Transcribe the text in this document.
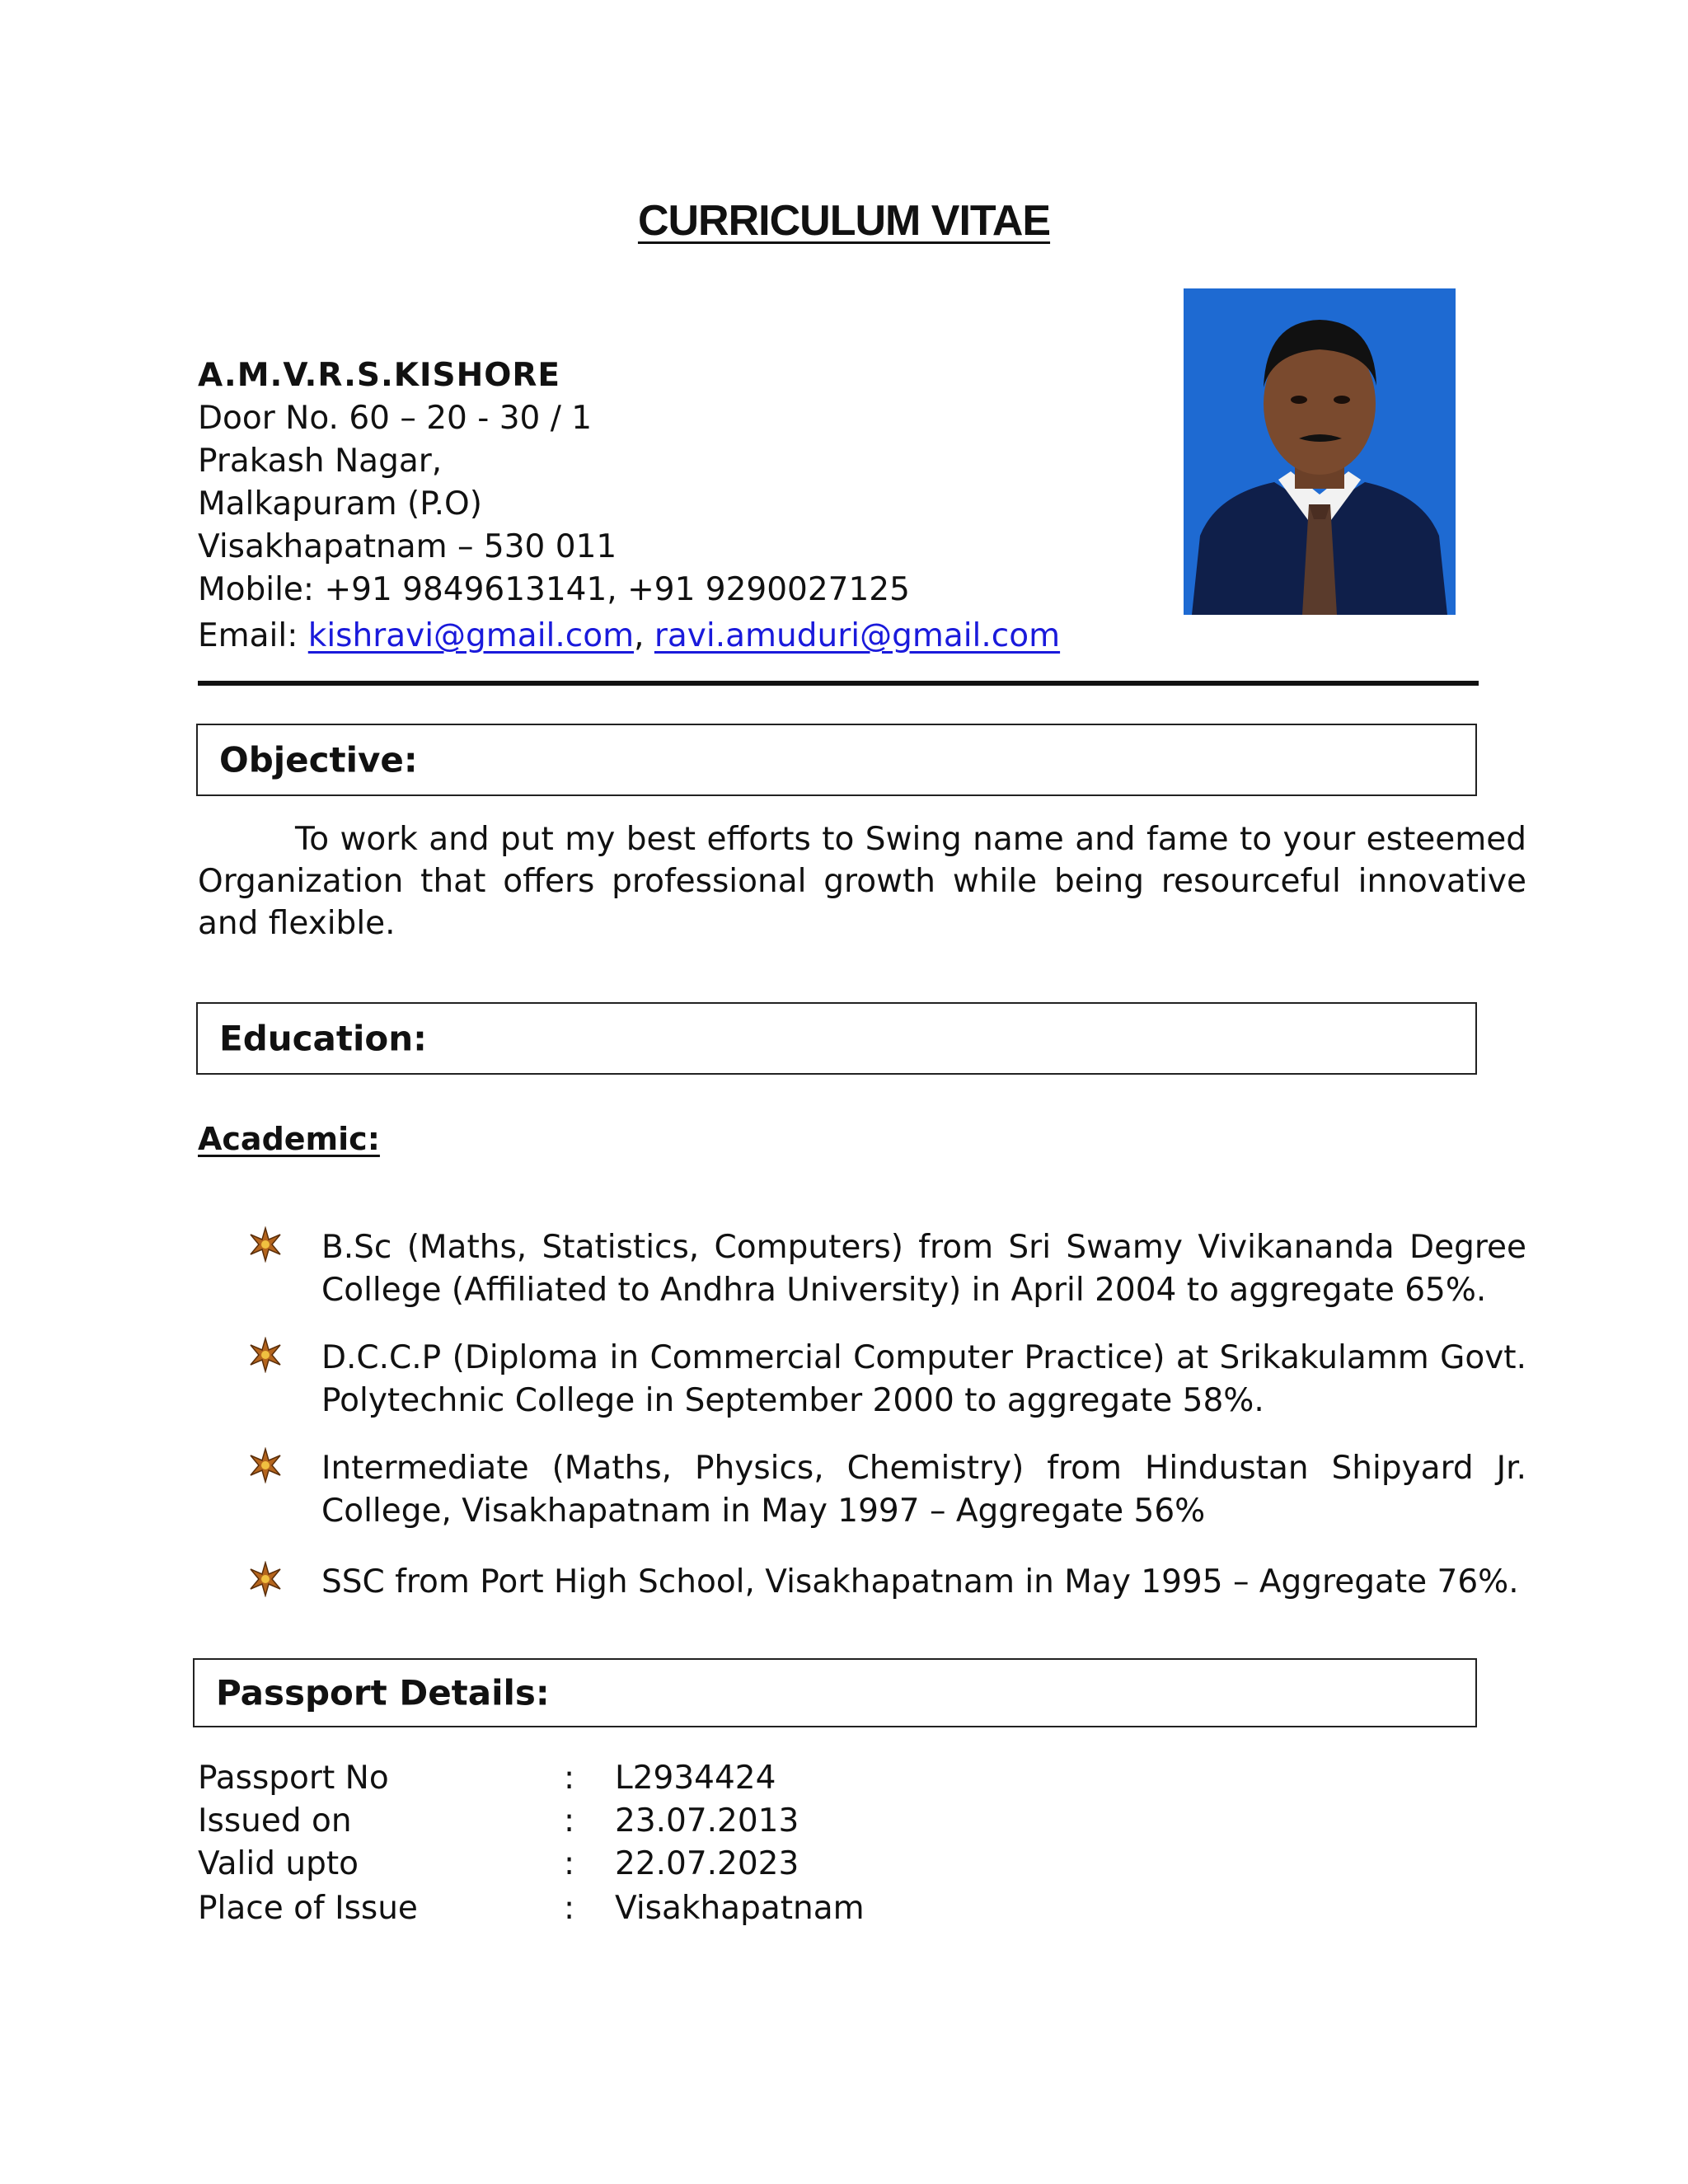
CURRICULUM VITAE
A.M.V.R.S.KISHORE
Door No. 60 – 20 - 30 / 1
Prakash Nagar,
Malkapuram (P.O)
Visakhapatnam – 530 011
Mobile: +91 9849613141, +91 9290027125
Email: kishravi@gmail.com, ravi.amuduri@gmail.com
Objective:
To work and put my best efforts to Swing name and fame to your esteemed Organization that offers professional growth while being resourceful innovative and flexible.
Education:
Academic:
B.Sc (Maths, Statistics, Computers) from Sri Swamy Vivikananda Degree College (Affiliated to Andhra University) in April 2004 to aggregate 65%.
D.C.C.P (Diploma in Commercial Computer Practice) at Srikakulamm Govt. Polytechnic College in September 2000 to aggregate 58%.
Intermediate (Maths, Physics, Chemistry) from Hindustan Shipyard Jr. College, Visakhapatnam in May 1997 – Aggregate 56%
SSC from Port High School, Visakhapatnam in May 1995 – Aggregate 76%.
Passport Details:
Passport No	: L2934424
Issued on	: 23.07.2013
Valid upto	: 22.07.2023
Place of Issue	: Visakhapatnam
